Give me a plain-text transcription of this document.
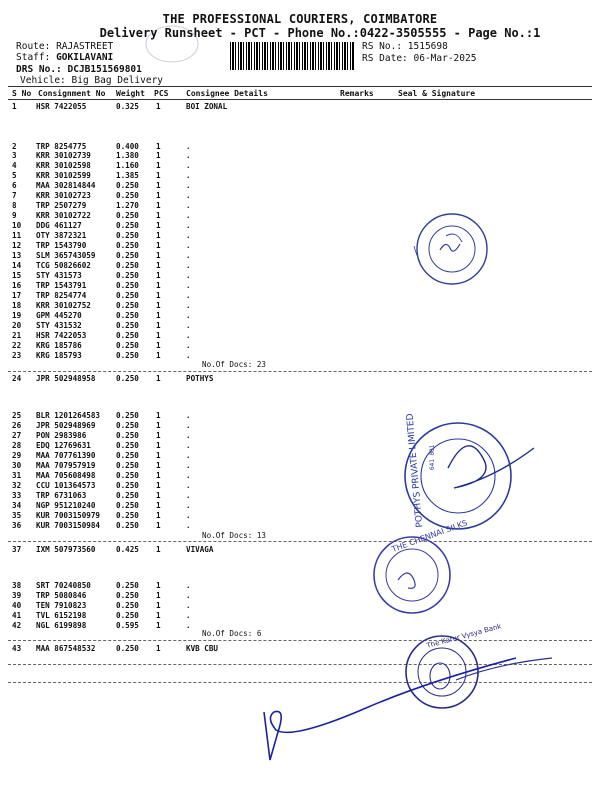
THE PROFESSIONAL COURIERS, COIMBATORE
Delivery Runsheet - PCT - Phone No.:0422-3505555 - Page No.:1
Route: RAJASTREET
Staff: GOKILAVANI
DRS No.: DCJB151569801
Vehicle: Big Bag Delivery
RS No.: 1515698
RS Date: 06-Mar-2025
S No Consignment No Weight PCS Consignee Details	Remarks	Seal & Signature
1	HSR 7422055	0.325 1	BOI ZONAL
2	TRP 8254775	0.400 1	.
3	KRR 30102739	1.380 1	.
4	KRR 30102598	1.160 1	.
5	KRR 30102599	1.385 1	.
6	MAA 302814844	0.250 1	.
7	KRR 30102723	0.250 1	.
8	TRP 2507279	1.270 1	.
9	KRR 30102722	0.250 1	.
10 DDG 461127	0.250 1	.
11 OTY 3872321	0.250 1	.
12 TRP 1543790	0.250 1	.
13 SLM 365743059	0.250 1	.
14 TCG 50826602	0.250 1	.
15 STY 431573	0.250 1	.
16 TRP 1543791	0.250 1	.
17 TRP 8254774	0.250 1	.
18 KRR 30102752	0.250 1	.
19 GPM 445270	0.250 1	.
20 STY 431532	0.250 1	.
21 HSR 7422053	0.250 1	.
22 KRG 185786	0.250 1	.
23 KRG 185793	0.250 1	.
24 JPR 502948958	0.250 1	POTHYS
25 BLR 1201264583 0.250 1	.
26 JPR 502948969	0.250 1	.
27 PON 2983986	0.250 1	.
28 EDQ 12769631	0.250 1	.
29 MAA 707761390	0.250 1	.
30 MAA 707957919	0.250 1	.
31 MAA 705608498	0.250 1	.
32 CCU 101364573	0.250 1	.
33 TRP 6731063	0.250 1	.
34 NGP 951210240	0.250 1	.
35 KUR 7003150979 0.250 1	.
36 KUR 7003150984 0.250 1	.
37 IXM 507973560	0.425 1	VIVAGA
38 SRT 70240850	0.250 1	.
39 TRP 5080846	0.250 1	.
40 TEN 7910823	0.250 1	.
41 TVL 6152198	0.250 1	.
42 NGL 6199898	0.595 1	.
43 MAA 867548532	0.250 1	KVB CBU
No.Of Docs: 23
No.Of Docs: 13
No.Of Docs: 6
POTHYS PRIVATE LIMITED 641 001
THE CHENNAI SILKS
The Karur Vysya Bank
